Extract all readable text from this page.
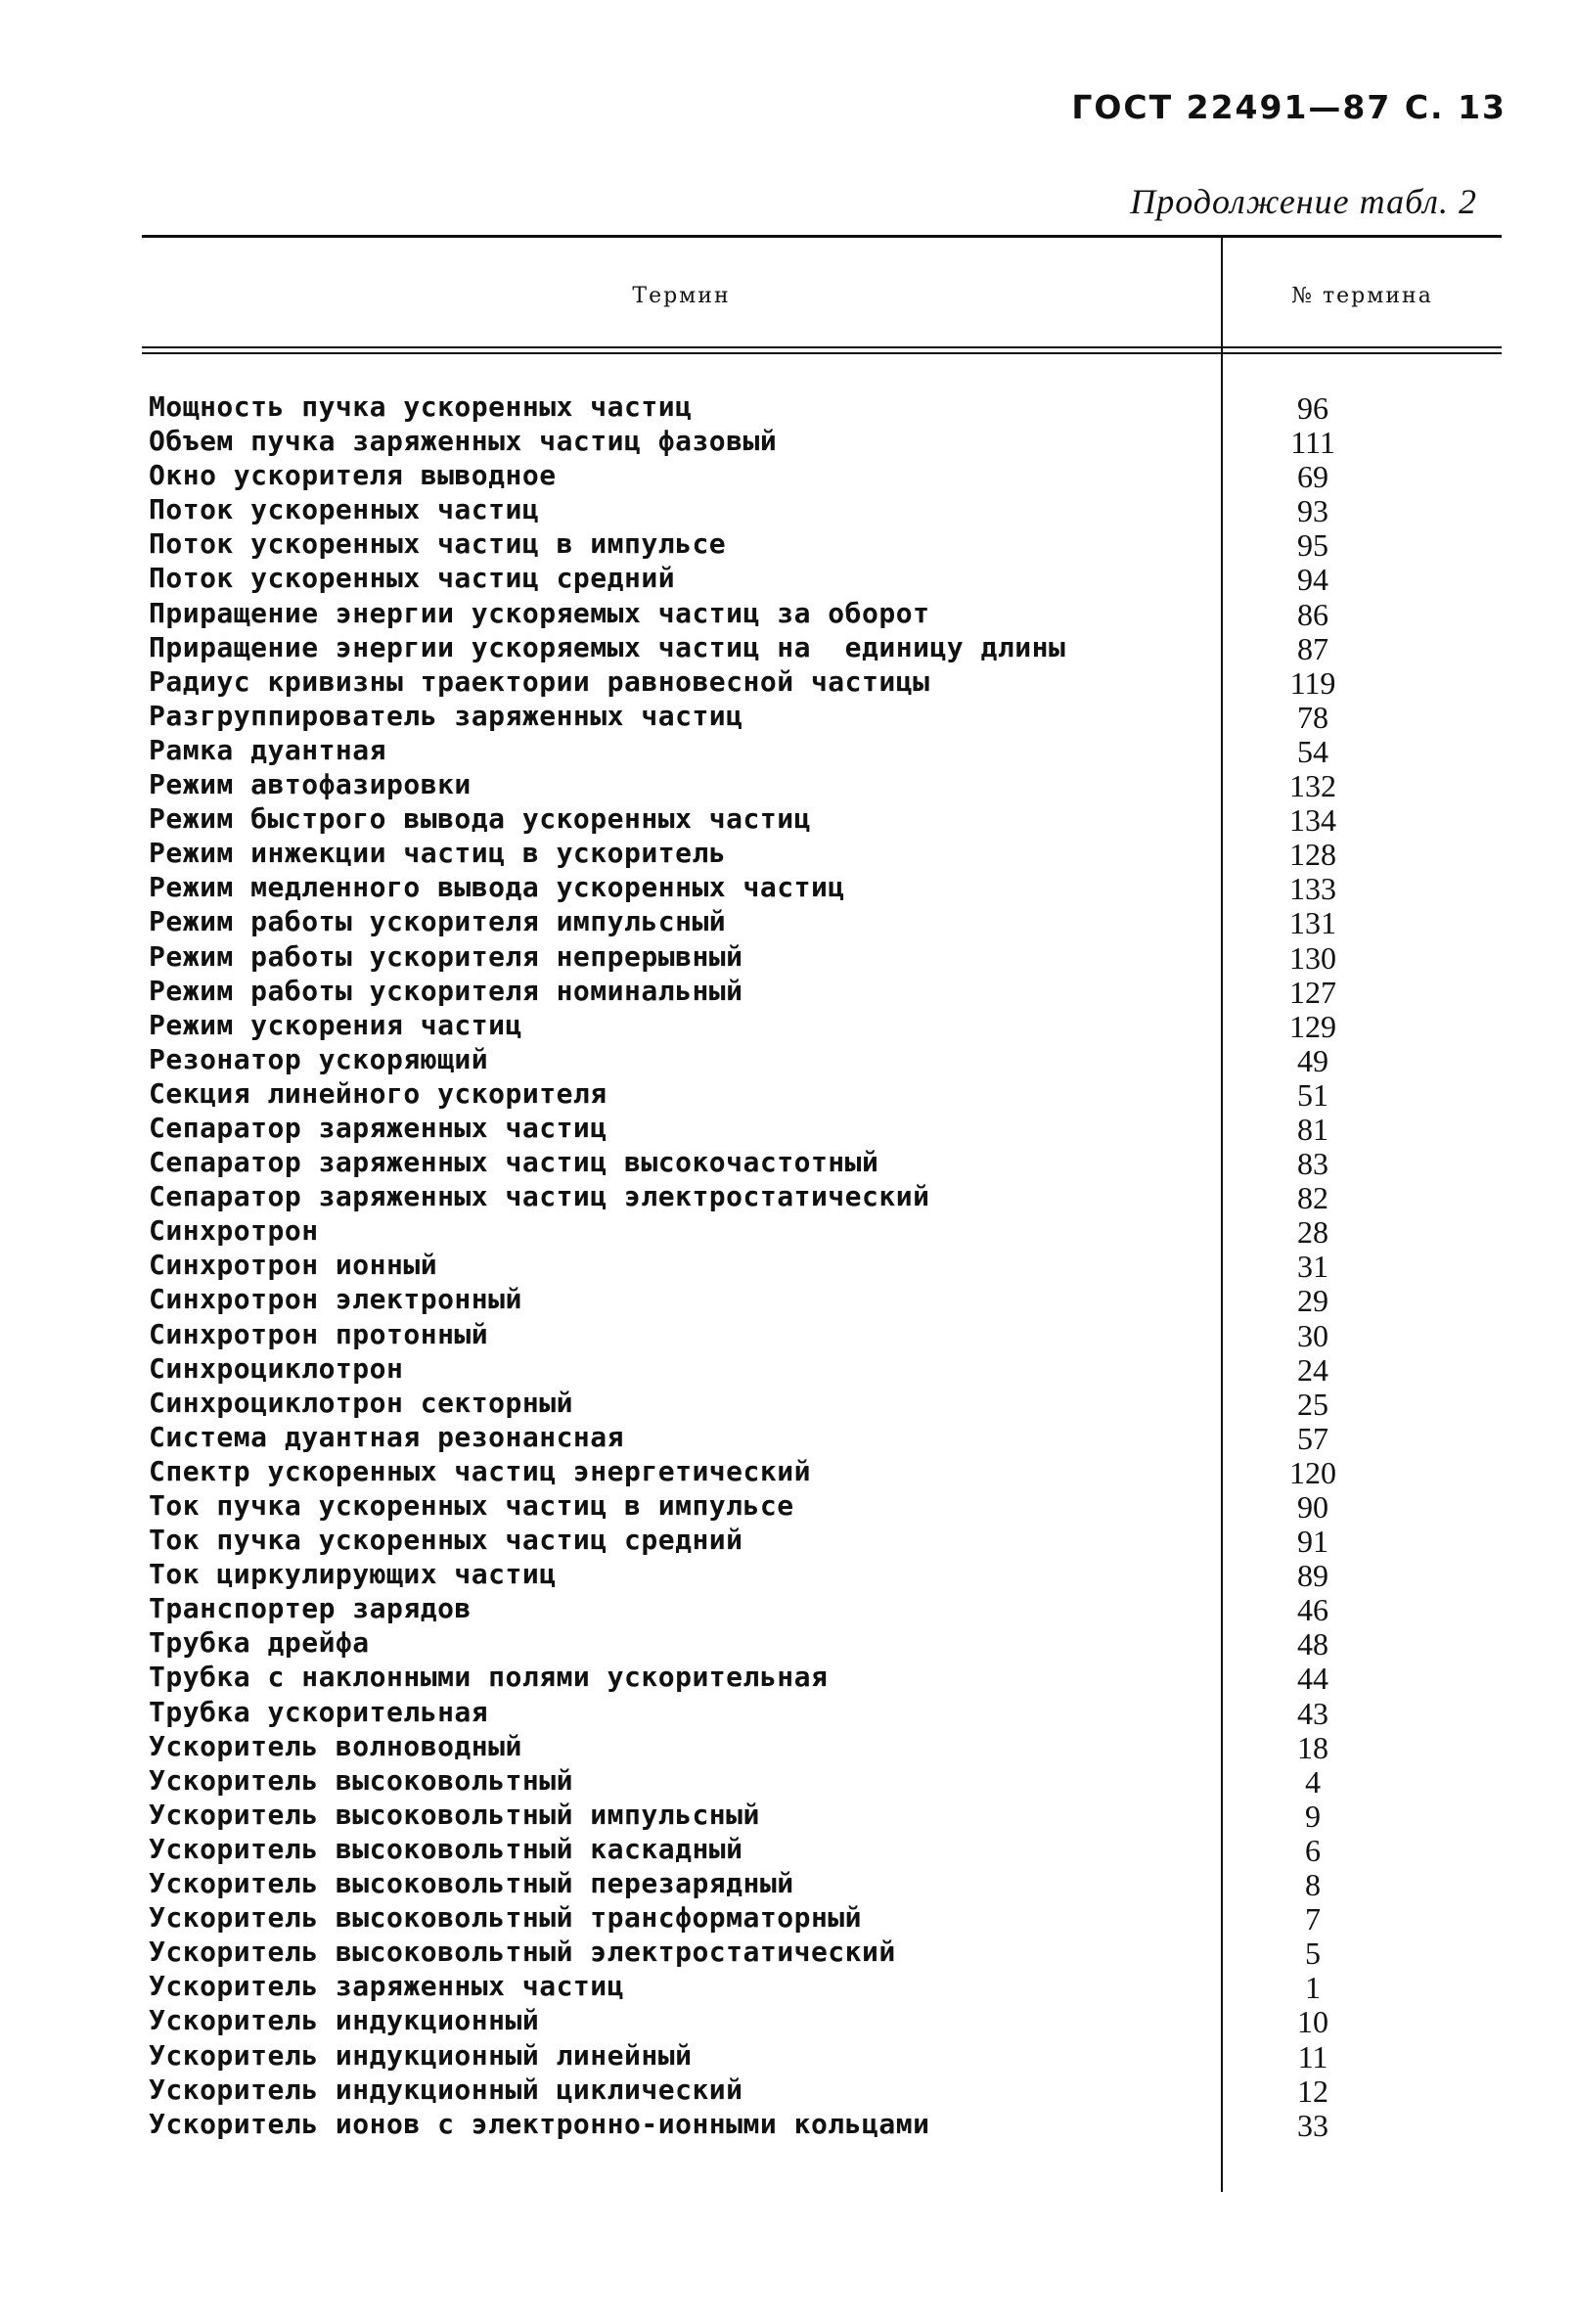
ГОСТ 22491—87 С. 13
Продолжение табл. 2
Термин	№ термина
Мощность пучка ускоренных частиц	96
Объем пучка заряженных частиц фазовый	111
Окно ускорителя выводное	69
Поток ускоренных частиц	93
Поток ускоренных частиц в импульсе	95
Поток ускоренных частиц средний	94
Приращение энергии ускоряемых частиц за оборот	86
Приращение энергии ускоряемых частиц на  единицу длины	87
Радиус кривизны траектории равновесной частицы	119
Разгруппирователь заряженных частиц	78
Рамка дуантная	54
Режим автофазировки	132
Режим быстрого вывода ускоренных частиц	134
Режим инжекции частиц в ускоритель	128
Режим медленного вывода ускоренных частиц	133
Режим работы ускорителя импульсный	131
Режим работы ускорителя непрерывный	130
Режим работы ускорителя номинальный	127
Режим ускорения частиц	129
Резонатор ускоряющий	49
Секция линейного ускорителя	51
Сепаратор заряженных частиц	81
Сепаратор заряженных частиц высокочастотный	83
Сепаратор заряженных частиц электростатический	82
Синхротрон	28
Синхротрон ионный	31
Синхротрон электронный	29
Синхротрон протонный	30
Синхроциклотрон	24
Синхроциклотрон секторный	25
Система дуантная резонансная	57
Спектр ускоренных частиц энергетический	120
Ток пучка ускоренных частиц в импульсе	90
Ток пучка ускоренных частиц средний	91
Ток циркулирующих частиц	89
Транспортер зарядов	46
Трубка дрейфа	48
Трубка с наклонными полями ускорительная	44
Трубка ускорительная	43
Ускоритель волноводный	18
Ускоритель высоковольтный	4
Ускоритель высоковольтный импульсный	9
Ускоритель высоковольтный каскадный	6
Ускоритель высоковольтный перезарядный	8
Ускоритель высоковольтный трансформаторный	7
Ускоритель высоковольтный электростатический	5
Ускоритель заряженных частиц	1
Ускоритель индукционный	10
Ускоритель индукционный линейный	11
Ускоритель индукционный циклический	12
Ускоритель ионов с электронно-ионными кольцами	33
